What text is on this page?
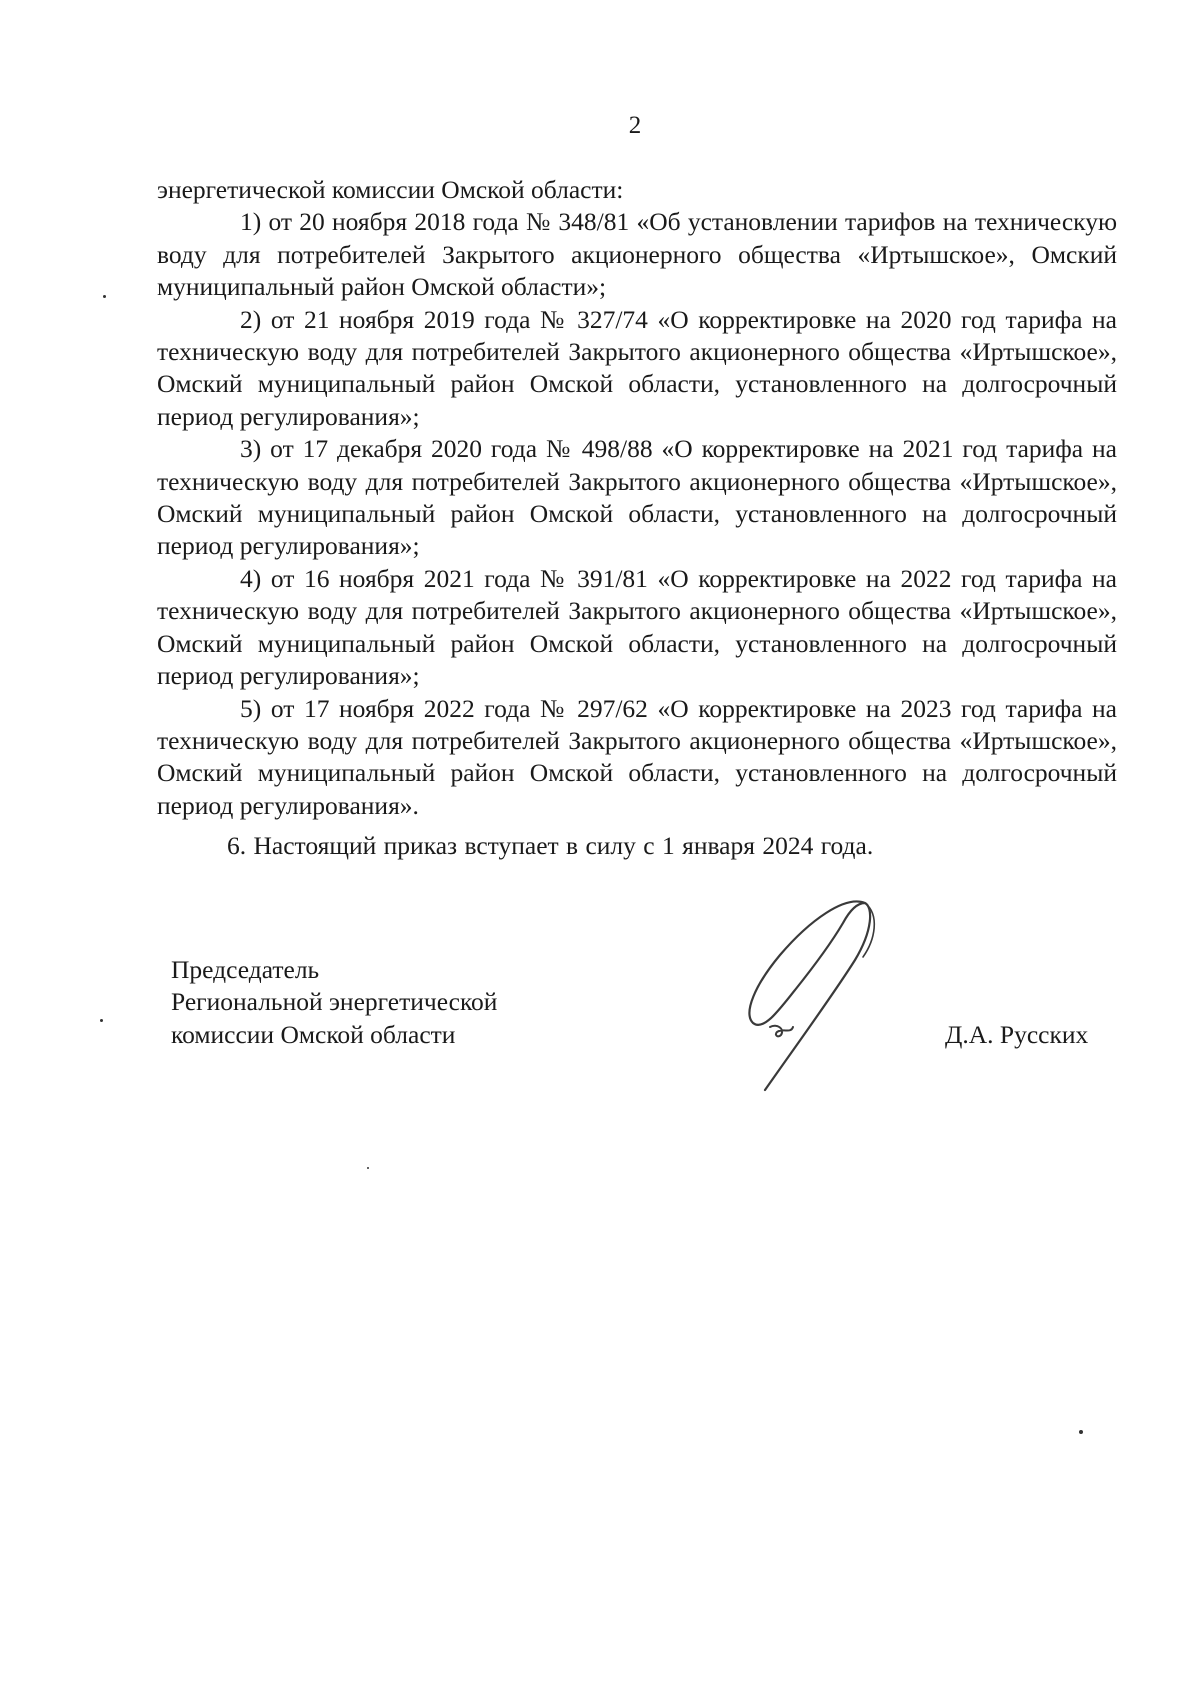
2

энергетической комиссии Омской области:

1) от 20 ноября 2018 года № 348/81 «Об установлении тарифов на техническую воду для потребителей Закрытого акционерного общества «Иртышское», Омский муниципальный район Омской области»;

2) от 21 ноября 2019 года № 327/74 «О корректировке на 2020 год тарифа на техническую воду для потребителей Закрытого акционерного общества «Иртышское», Омский муниципальный район Омской области, установленного на долгосрочный период регулирования»;

3) от 17 декабря 2020 года № 498/88 «О корректировке на 2021 год тарифа на техническую воду для потребителей Закрытого акционерного общества «Иртышское», Омский муниципальный район Омской области, установленного на долгосрочный период регулирования»;

4) от 16 ноября 2021 года № 391/81 «О корректировке на 2022 год тарифа на техническую воду для потребителей Закрытого акционерного общества «Иртышское», Омский муниципальный район Омской области, установленного на долгосрочный период регулирования»;

5) от 17 ноября 2022 года № 297/62 «О корректировке на 2023 год тарифа на техническую воду для потребителей Закрытого акционерного общества «Иртышское», Омский муниципальный район Омской области, установленного на долгосрочный период регулирования».

6. Настоящий приказ вступает в силу с 1 января 2024 года.

Председатель
Региональной энергетической
комиссии Омской области	Д.А. Русских
